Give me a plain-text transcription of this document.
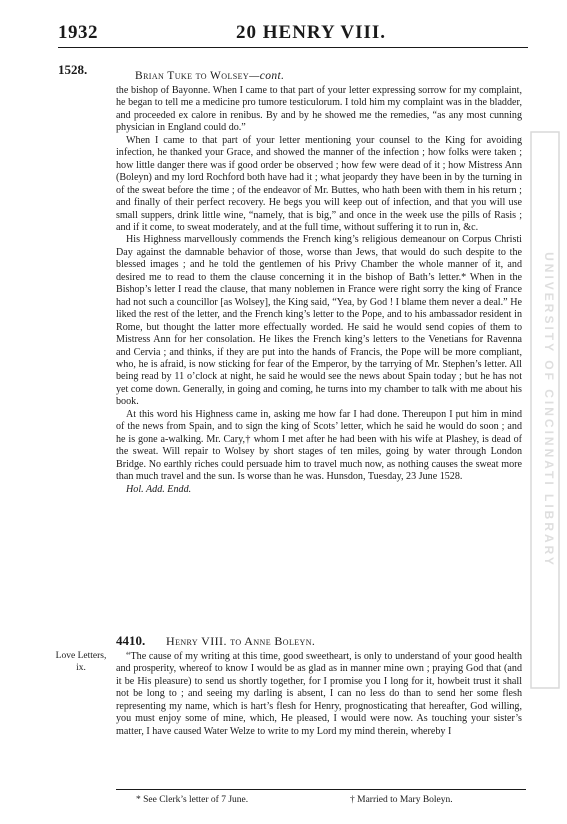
1932	20 HENRY VIII.
1528.	Brian Tuke to Wolsey—cont.

the bishop of Bayonne. When I came to that part of your letter expressing sorrow for my complaint, he began to tell me a medicine pro tumore testiculorum. I told him my complaint was in the bladder, and proceeded ex calore in renibus. By and by he showed me the remedies, “as any most cunning physician in England could do.”

When I came to that part of your letter mentioning your counsel to the King for avoiding infection, he thanked your Grace, and showed the manner of the infection ; how folks were taken ; how little danger there was if good order be observed ; how few were dead of it ; how Mistress Ann (Boleyn) and my lord Rochford both have had it ; what jeopardy they have been in by the turning in of the sweat before the time ; of the endeavor of Mr. Buttes, who hath been with them in his return ; and finally of their perfect recovery. He begs you will keep out of infection, and that you will use small suppers, drink little wine, “namely, that is big,” and once in the week use the pills of Rasis ; and if it come, to sweat moderately, and at the full time, without suffering it to run in, &c.

His Highness marvellously commends the French king’s religious demeanour on Corpus Christi Day against the damnable behavior of those, worse than Jews, that would do such despite to the blessed images ; and he told the gentlemen of his Privy Chamber the whole manner of it, and desired me to read to them the clause concerning it in the bishop of Bath’s letter.* When in the Bishop’s letter I read the clause, that many noblemen in France were right sorry the king of France had not such a councillor [as Wolsey], the King said, “Yea, by God ! I blame them never a deal.” He liked the rest of the letter, and the French king’s letter to the Pope, and to his ambassador resident in Rome, but thought the latter more effectually worded. He said he would send copies of them to Mistress Ann for her consolation. He likes the French king’s letters to the Venetians for Ravenna and Cervia ; and thinks, if they are put into the hands of Francis, the Pope will be more compliant, who, he is afraid, is now sticking for fear of the Emperor, by the tarrying of Mr. Stephen’s letter. All being read by 11 o’clock at night, he said he would see the news about Spain today ; but he has not yet come down. Generally, in going and coming, he turns into my chamber to talk with me about his book.

At this word his Highness came in, asking me how far I had done. Thereupon I put him in mind of the news from Spain, and to sign the king of Scots’ letter, which he said he would do soon ; and he is gone a-walking. Mr. Cary,† whom I met after he had been with his wife at Plashey, is dead of the sweat. Will repair to Wolsey by short stages of ten miles, going by water through London Bridge. No earthly riches could persuade him to travel much now, as nothing causes the sweat more than much travel and the sun. Is worse than he was. Hunsdon, Tuesday, 23 June 1528.

Hol. Add. Endd.
4410. Henry VIII. to Anne Boleyn.
Love Letters,
ix.

“The cause of my writing at this time, good sweetheart, is only to understand of your good health and prosperity, whereof to know I would be as glad as in manner mine own ; praying God that (and it be His pleasure) to send us shortly together, for I promise you I long for it, howbeit trust it shall not be long to ; and seeing my darling is absent, I can no less do than to send her some flesh representing my name, which is hart’s flesh for Henry, prognosticating that hereafter, God willing, you must enjoy some of mine, which, He pleased, I would were now. As touching your sister’s matter, I have caused Water Welze to write to my Lord my mind therein, whereby I

* See Clerk’s letter of 7 June.	† Married to Mary Boleyn.
UNIVERSITY OF CINCINNATI LIBRARY
